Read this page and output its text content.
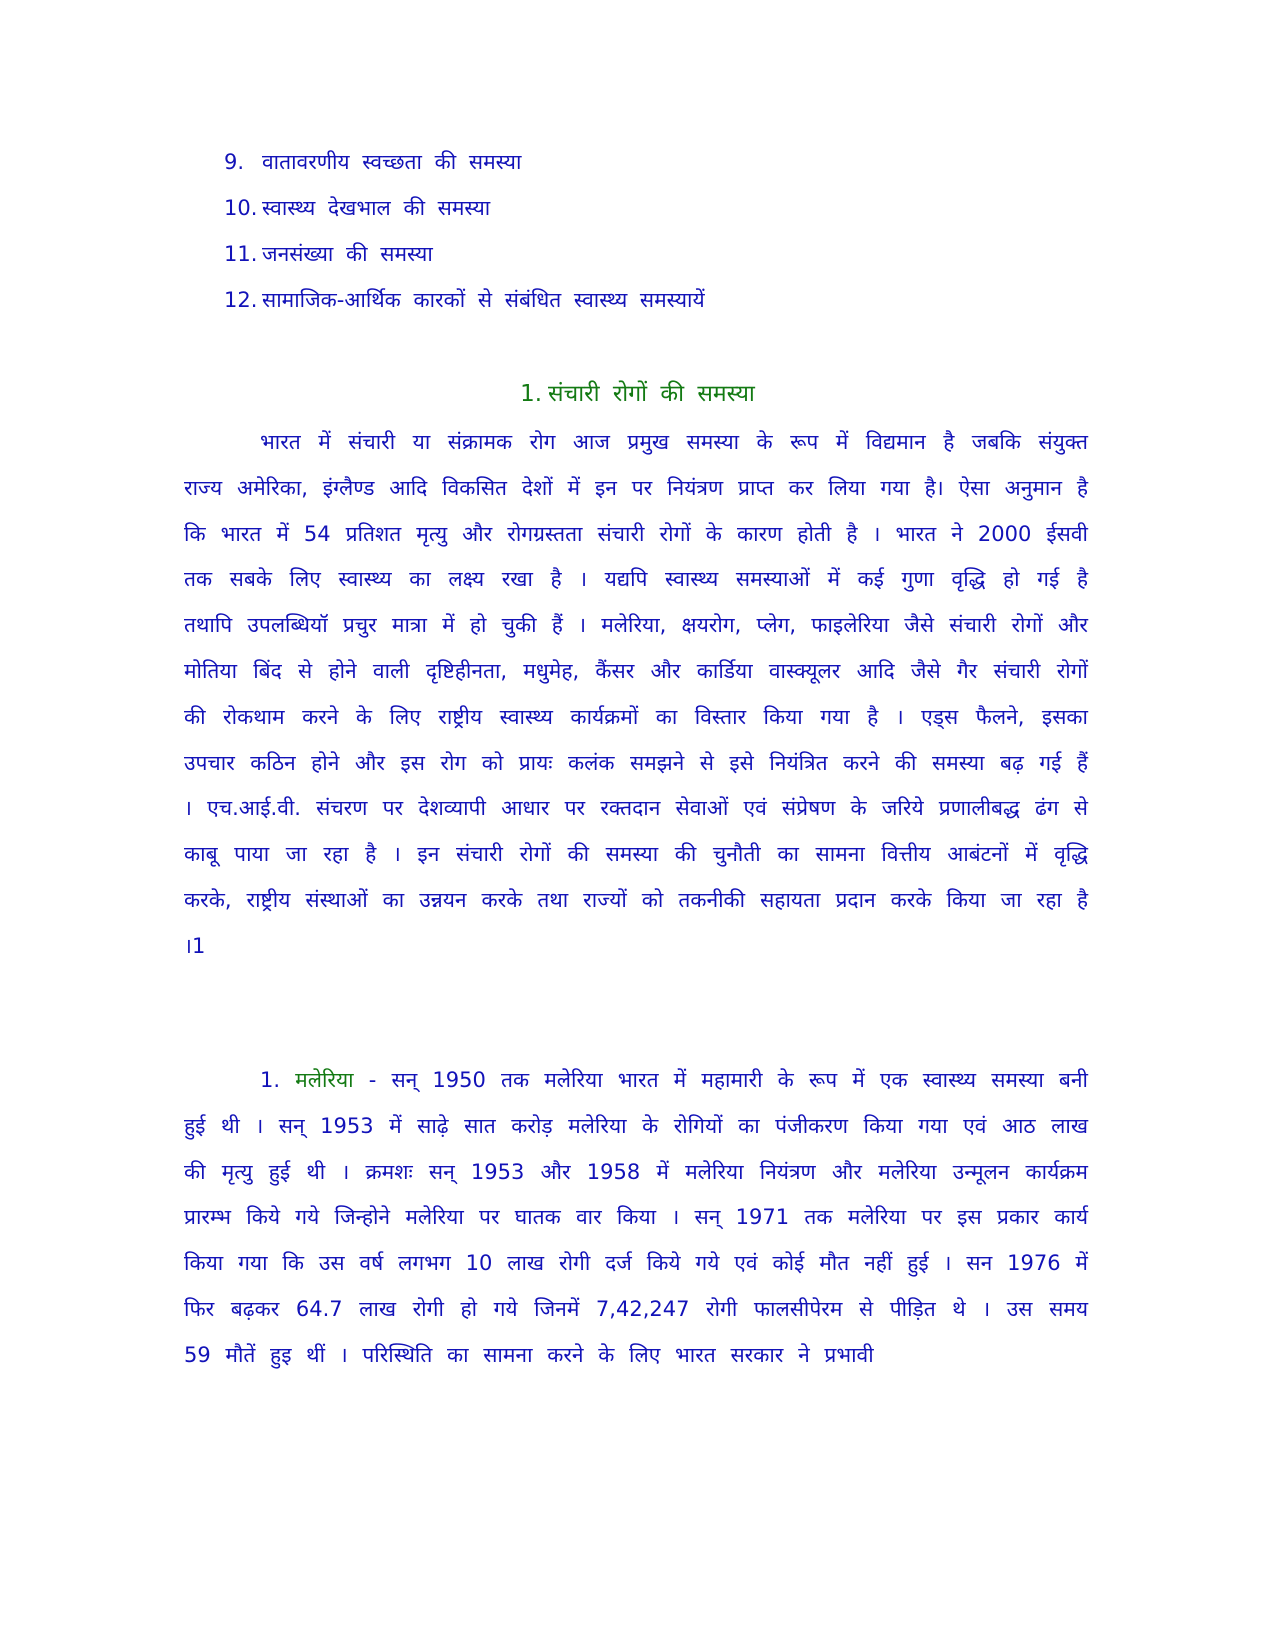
9. वातावरणीय स्वच्छता की समस्या
10. स्वास्थ्य देखभाल की समस्या
11. जनसंख्या की समस्या
12. सामाजिक-आर्थिक कारकों से संबंधित स्वास्थ्य समस्यायें
1. संचारी रोगों की समस्या

भारत में संचारी या संक्रामक रोग आज प्रमुख समस्या के रूप में विद्यमान है जबकि संयुक्त राज्य अमेरिका, इंग्लैण्ड आदि विकसित देशों में इन पर नियंत्रण प्राप्त कर लिया गया है। ऐसा अनुमान है कि भारत में 54 प्रतिशत मृत्यु और रोगग्रस्तता संचारी रोगों के कारण होती है । भारत ने 2000 ईसवी तक सबके लिए स्वास्थ्य का लक्ष्य रखा है । यद्यपि स्वास्थ्य समस्याओं में कई गुणा वृद्धि हो गई है तथापि उपलब्धियॉ प्रचुर मात्रा में हो चुकी हैं । मलेरिया, क्षयरोग, प्लेग, फाइलेरिया जैसे संचारी रोगों और मोतिया बिंद से होने वाली दृष्टिहीनता, मधुमेह, कैंसर और कार्डिया वास्क्यूलर आदि जैसे गैर संचारी रोगों की रोकथाम करने के लिए राष्ट्रीय स्वास्थ्य कार्यक्रमों का विस्तार किया गया है । एड्स फैलने, इसका उपचार कठिन होने और इस रोग को प्रायः कलंक समझने से इसे नियंत्रित करने की समस्या बढ़ गई हैं । एच.आई.वी. संचरण पर देशव्यापी आधार पर रक्तदान सेवाओं एवं संप्रेषण के जरिये प्रणालीबद्ध ढंग से काबू पाया जा रहा है । इन संचारी रोगों की समस्या की चुनौती का सामना वित्तीय आबंटनों में वृद्धि करके, राष्ट्रीय संस्थाओं का उन्नयन करके तथा राज्यों को तकनीकी सहायता प्रदान करके किया जा रहा है ।1

1. मलेरिया - सन् 1950 तक मलेरिया भारत में महामारी के रूप में एक स्वास्थ्य समस्या बनी हुई थी । सन् 1953 में साढ़े सात करोड़ मलेरिया के रोगियों का पंजीकरण किया गया एवं आठ लाख की मृत्यु हुई थी । क्रमशः सन् 1953 और 1958 में मलेरिया नियंत्रण और मलेरिया उन्मूलन कार्यक्रम प्रारम्भ किये गये जिन्होने मलेरिया पर घातक वार किया । सन् 1971 तक मलेरिया पर इस प्रकार कार्य किया गया कि उस वर्ष लगभग 10 लाख रोगी दर्ज किये गये एवं कोई मौत नहीं हुई । सन 1976 में फिर बढ़कर 64.7 लाख रोगी हो गये जिनमें 7,42,247 रोगी फालसीपेरम से पीड़ित थे । उस समय 59 मौतें हुइ थीं । परिस्थिति का सामना करने के लिए भारत सरकार ने प्रभावी
